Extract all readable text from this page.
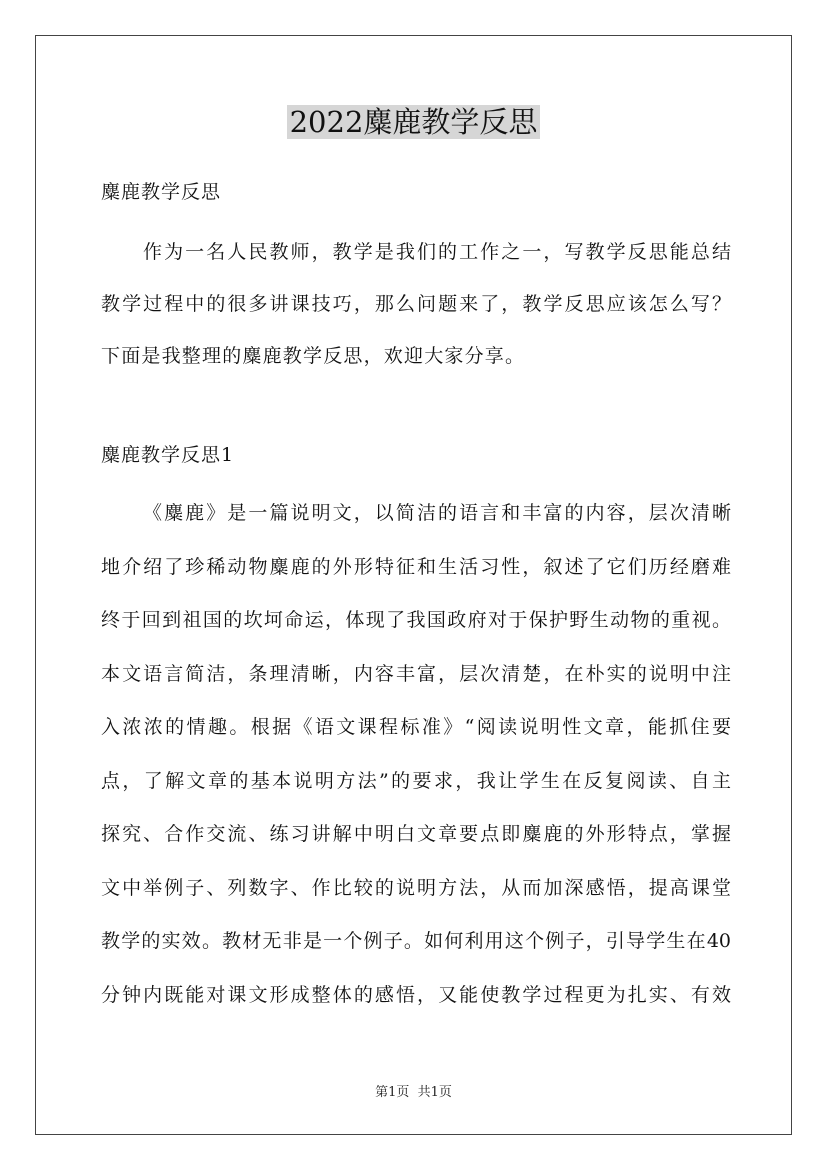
2022麋鹿教学反思
麋鹿教学反思
作为一名人民教师，教学是我们的工作之一，写教学反思能总结
教学过程中的很多讲课技巧，那么问题来了，教学反思应该怎么写？
下面是我整理的麋鹿教学反思，欢迎大家分享。
麋鹿教学反思1
《麋鹿》是一篇说明文，以简洁的语言和丰富的内容，层次清晰
地介绍了珍稀动物麋鹿的外形特征和生活习性，叙述了它们历经磨难
终于回到祖国的坎坷命运，体现了我国政府对于保护野生动物的重视。
本文语言简洁，条理清晰，内容丰富，层次清楚，在朴实的说明中注
入浓浓的情趣。根据《语文课程标准》“阅读说明性文章，能抓住要
点，了解文章的基本说明方法”的要求，我让学生在反复阅读、自主
探究、合作交流、练习讲解中明白文章要点即麋鹿的外形特点，掌握
文中举例子、列数字、作比较的说明方法，从而加深感悟，提高课堂
教学的实效。教材无非是一个例子。如何利用这个例子，引导学生在40
分钟内既能对课文形成整体的感悟，又能使教学过程更为扎实、有效
第1页  共1页
